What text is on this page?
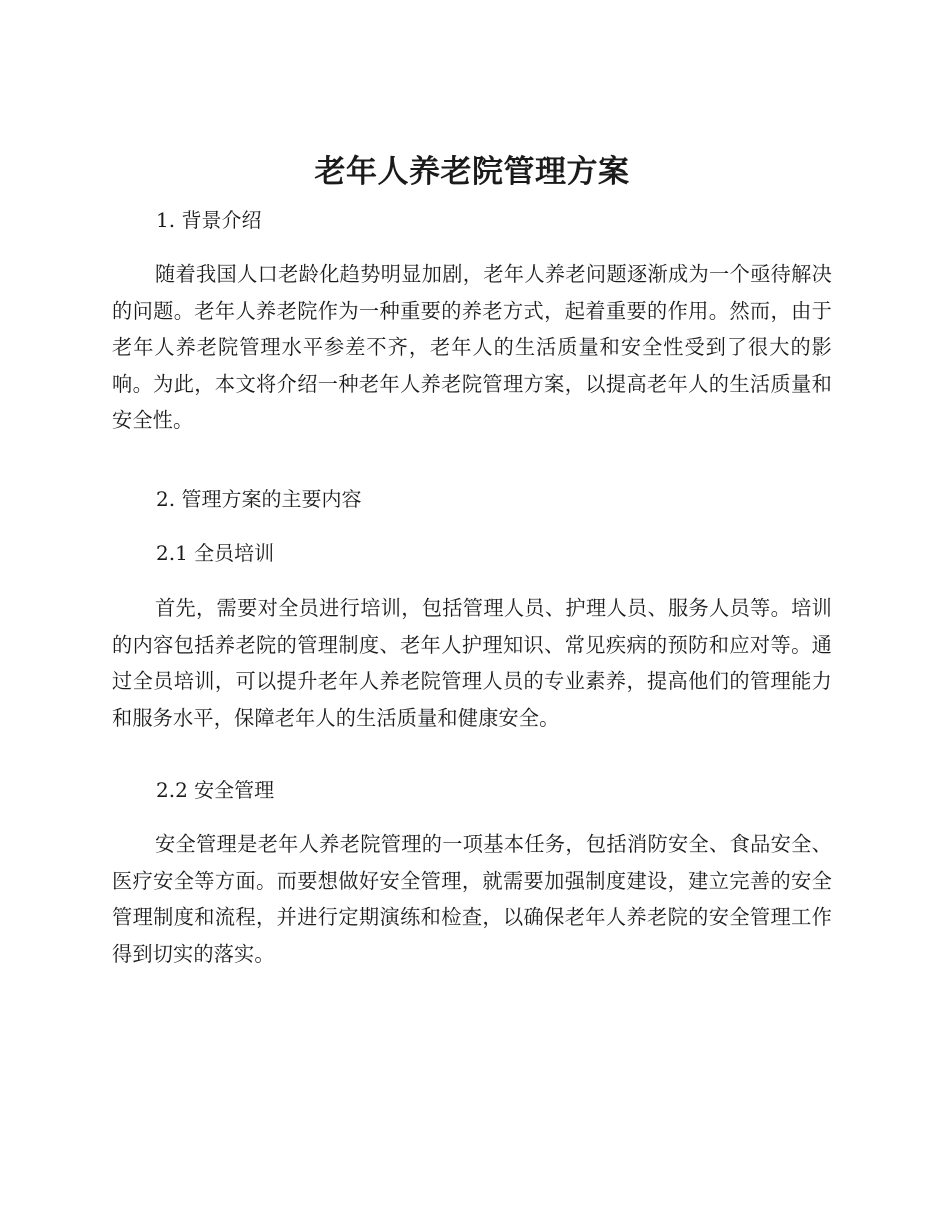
老年人养老院管理方案
1. 背景介绍

随着我国人口老龄化趋势明显加剧，老年人养老问题逐渐成为一个亟待解决的问题。老年人养老院作为一种重要的养老方式，起着重要的作用。然而，由于老年人养老院管理水平参差不齐，老年人的生活质量和安全性受到了很大的影响。为此，本文将介绍一种老年人养老院管理方案，以提高老年人的生活质量和安全性。

2. 管理方案的主要内容
2.1 全员培训

首先，需要对全员进行培训，包括管理人员、护理人员、服务人员等。培训的内容包括养老院的管理制度、老年人护理知识、常见疾病的预防和应对等。通过全员培训，可以提升老年人养老院管理人员的专业素养，提高他们的管理能力和服务水平，保障老年人的生活质量和健康安全。

2.2 安全管理

安全管理是老年人养老院管理的一项基本任务，包括消防安全、食品安全、医疗安全等方面。而要想做好安全管理，就需要加强制度建设，建立完善的安全管理制度和流程，并进行定期演练和检查，以确保老年人养老院的安全管理工作得到切实的落实。
